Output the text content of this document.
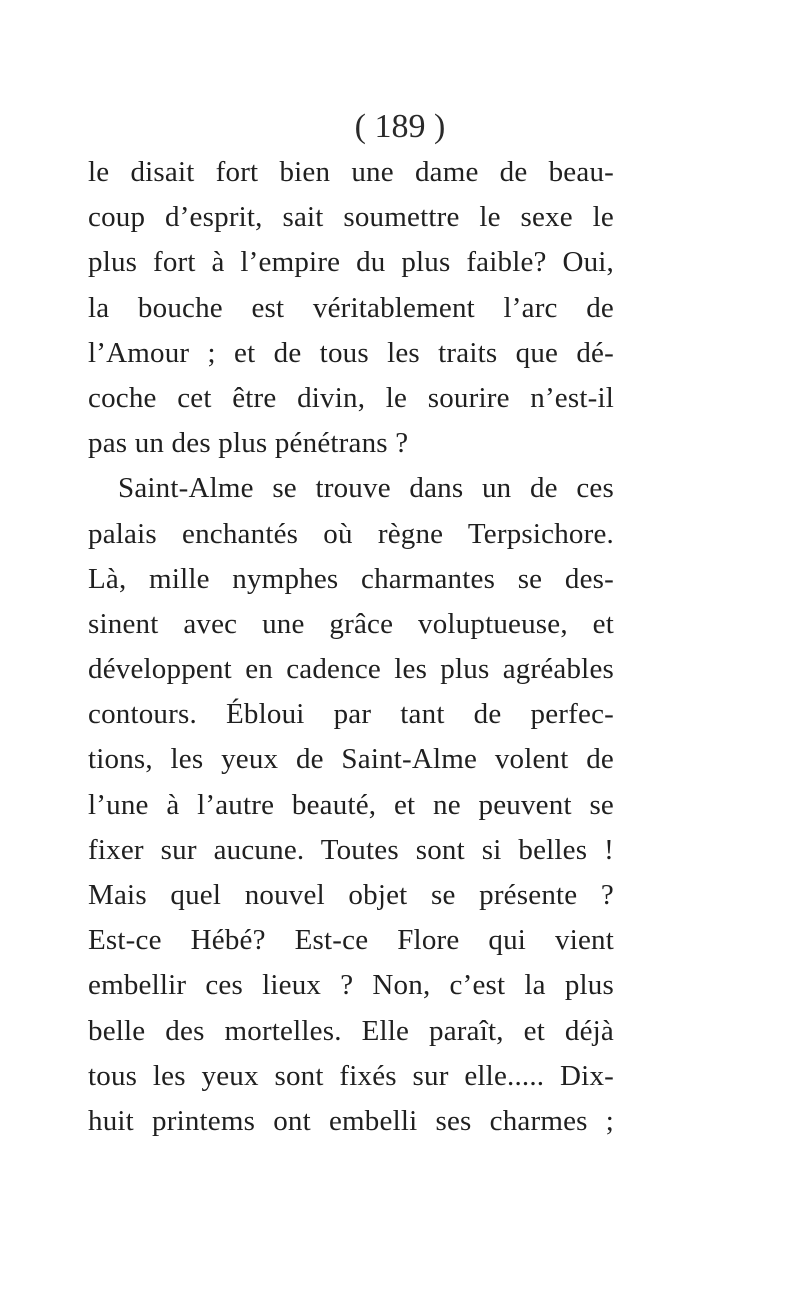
( 189 )
le disait fort bien une dame de beau-
coup d’esprit, sait soumettre le sexe le
plus fort à l’empire du plus faible? Oui,
la bouche est véritablement l’arc de
l’Amour ; et de tous les traits que dé-
coche cet être divin, le sourire n’est-il
pas un des plus pénétrans ?
Saint-Alme se trouve dans un de ces
palais enchantés où règne Terpsichore.
Là, mille nymphes charmantes se des-
sinent avec une grâce voluptueuse, et
développent en cadence les plus agréables
contours. Ébloui par tant de perfec-
tions, les yeux de Saint-Alme volent de
l’une à l’autre beauté, et ne peuvent se
fixer sur aucune. Toutes sont si belles !
Mais quel nouvel objet se présente ?
Est-ce Hébé? Est-ce Flore qui vient
embellir ces lieux ? Non, c’est la plus
belle des mortelles. Elle paraît, et déjà
tous les yeux sont fixés sur elle..... Dix-
huit printems ont embelli ses charmes ;
